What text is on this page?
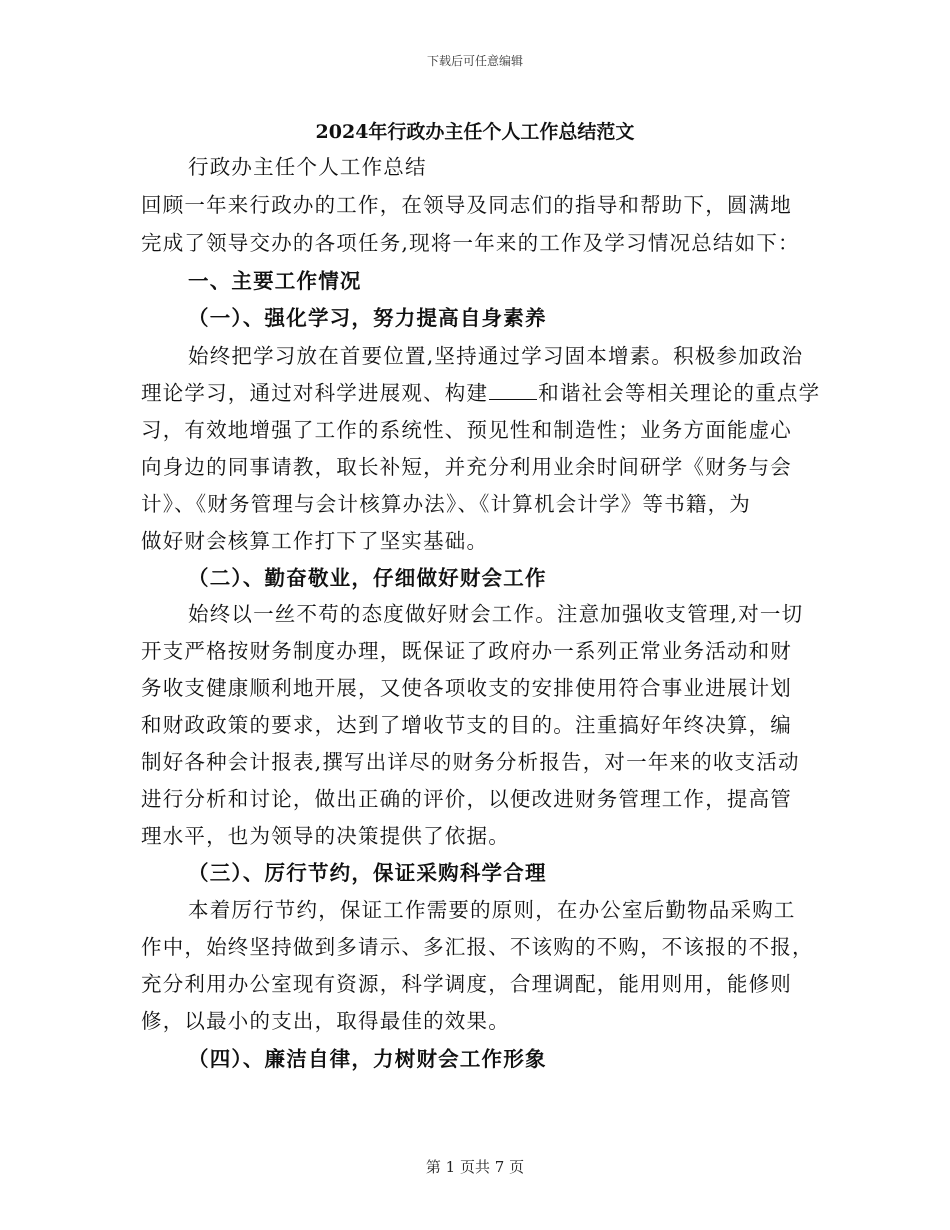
下载后可任意编辑
2024年行政办主任个人工作总结范文
行政办主任个人工作总结
回顾一年来行政办的工作，在领导及同志们的指导和帮助下，圆满地
完成了领导交办的各项任务,现将一年来的工作及学习情况总结如下：
一、主要工作情况
（一）、强化学习，努力提高自身素养
始终把学习放在首要位置,坚持通过学习固本增素。积极参加政治
理论学习，通过对科学进展观、构建 和谐社会等相关理论的重点学
习，有效地增强了工作的系统性、预见性和制造性；业务方面能虚心
向身边的同事请教，取长补短，并充分利用业余时间研学《财务与会
计》、《财务管理与会计核算办法》、《计算机会计学》等书籍，为
做好财会核算工作打下了坚实基础。
（二）、勤奋敬业，仔细做好财会工作
始终以一丝不苟的态度做好财会工作。注意加强收支管理,对一切
开支严格按财务制度办理，既保证了政府办一系列正常业务活动和财
务收支健康顺利地开展，又使各项收支的安排使用符合事业进展计划
和财政政策的要求，达到了增收节支的目的。注重搞好年终决算，编
制好各种会计报表,撰写出详尽的财务分析报告，对一年来的收支活动
进行分析和讨论，做出正确的评价，以便改进财务管理工作，提高管
理水平，也为领导的决策提供了依据。
（三）、厉行节约，保证采购科学合理
本着厉行节约，保证工作需要的原则，在办公室后勤物品采购工
作中，始终坚持做到多请示、多汇报、不该购的不购，不该报的不报，
充分利用办公室现有资源，科学调度，合理调配，能用则用，能修则
修，以最小的支出，取得最佳的效果。
（四）、廉洁自律，力树财会工作形象
第 1 页共 7 页
